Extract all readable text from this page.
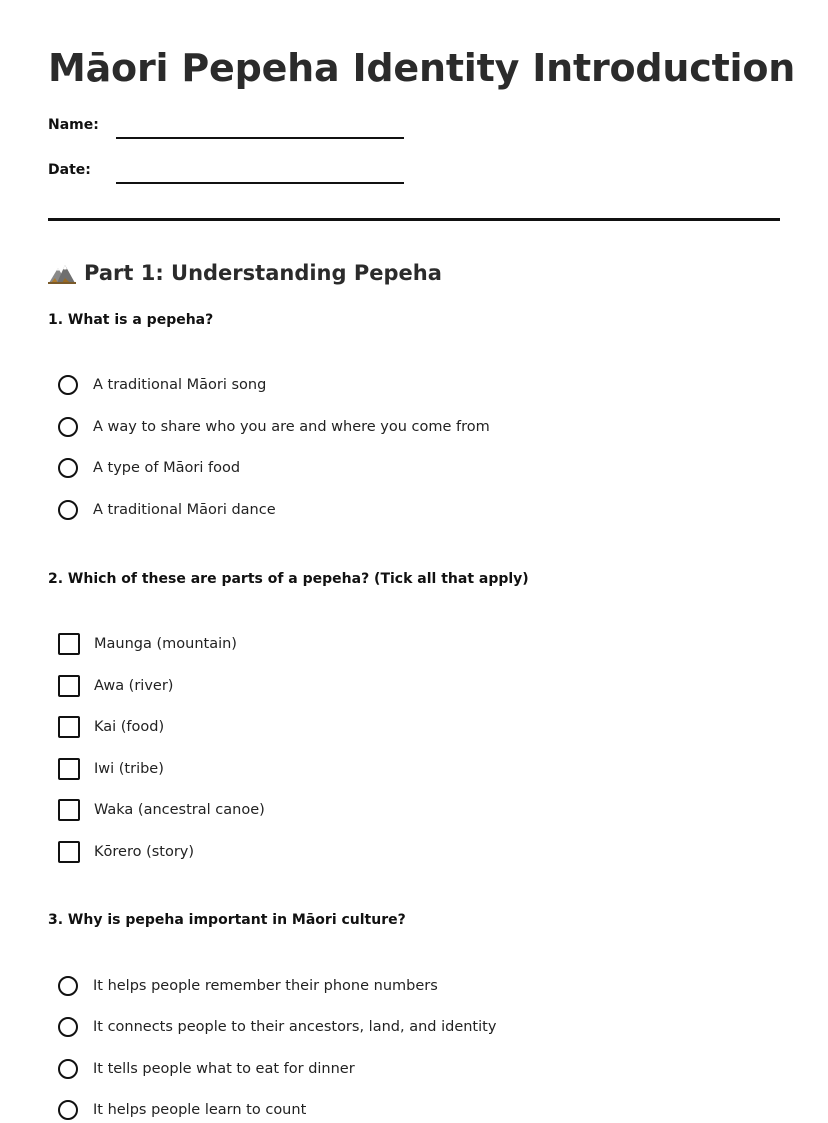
Māori Pepeha Identity Introduction
Name:
Date:
Part 1: Understanding Pepeha
1. What is a pepeha?
A traditional Māori song
A way to share who you are and where you come from
A type of Māori food
A traditional Māori dance
2. Which of these are parts of a pepeha? (Tick all that apply)
Maunga (mountain)
Awa (river)
Kai (food)
Iwi (tribe)
Waka (ancestral canoe)
Kōrero (story)
3. Why is pepeha important in Māori culture?
It helps people remember their phone numbers
It connects people to their ancestors, land, and identity
It tells people what to eat for dinner
It helps people learn to count
